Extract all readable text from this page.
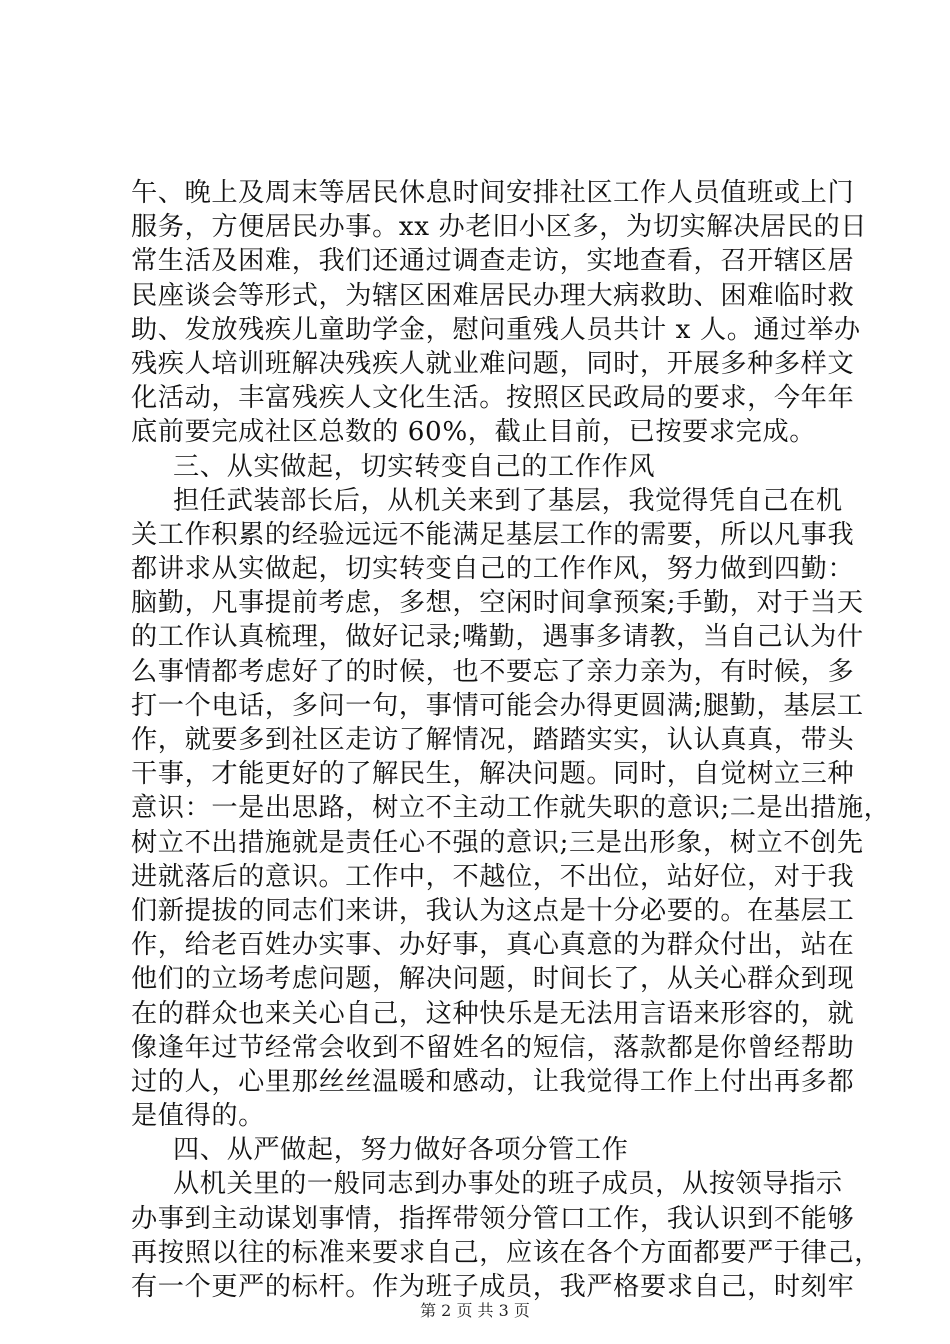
午、晚上及周末等居民休息时间安排社区工作人员值班或上门
服务，方便居民办事。xx 办老旧小区多，为切实解决居民的日
常生活及困难，我们还通过调查走访，实地查看，召开辖区居
民座谈会等形式，为辖区困难居民办理大病救助、困难临时救
助、发放残疾儿童助学金，慰问重残人员共计 x 人。通过举办
残疾人培训班解决残疾人就业难问题，同时，开展多种多样文
化活动，丰富残疾人文化生活。按照区民政局的要求，今年年
底前要完成社区总数的 60%，截止目前，已按要求完成。
三、从实做起，切实转变自己的工作作风
担任武装部长后，从机关来到了基层，我觉得凭自己在机
关工作积累的经验远远不能满足基层工作的需要，所以凡事我
都讲求从实做起，切实转变自己的工作作风，努力做到四勤：
脑勤，凡事提前考虑，多想，空闲时间拿预案;手勤，对于当天
的工作认真梳理，做好记录;嘴勤，遇事多请教，当自己认为什
么事情都考虑好了的时候，也不要忘了亲力亲为，有时候，多
打一个电话，多问一句，事情可能会办得更圆满;腿勤，基层工
作，就要多到社区走访了解情况，踏踏实实，认认真真，带头
干事，才能更好的了解民生，解决问题。同时，自觉树立三种
意识：一是出思路，树立不主动工作就失职的意识;二是出措施，
树立不出措施就是责任心不强的意识;三是出形象，树立不创先
进就落后的意识。工作中，不越位，不出位，站好位，对于我
们新提拔的同志们来讲，我认为这点是十分必要的。在基层工
作，给老百姓办实事、办好事，真心真意的为群众付出，站在
他们的立场考虑问题，解决问题，时间长了，从关心群众到现
在的群众也来关心自己，这种快乐是无法用言语来形容的，就
像逢年过节经常会收到不留姓名的短信，落款都是你曾经帮助
过的人，心里那丝丝温暖和感动，让我觉得工作上付出再多都
是值得的。
四、从严做起，努力做好各项分管工作
从机关里的一般同志到办事处的班子成员，从按领导指示
办事到主动谋划事情，指挥带领分管口工作，我认识到不能够
再按照以往的标准来要求自己，应该在各个方面都要严于律己，
有一个更严的标杆。作为班子成员，我严格要求自己，时刻牢
第 2 页 共 3 页
